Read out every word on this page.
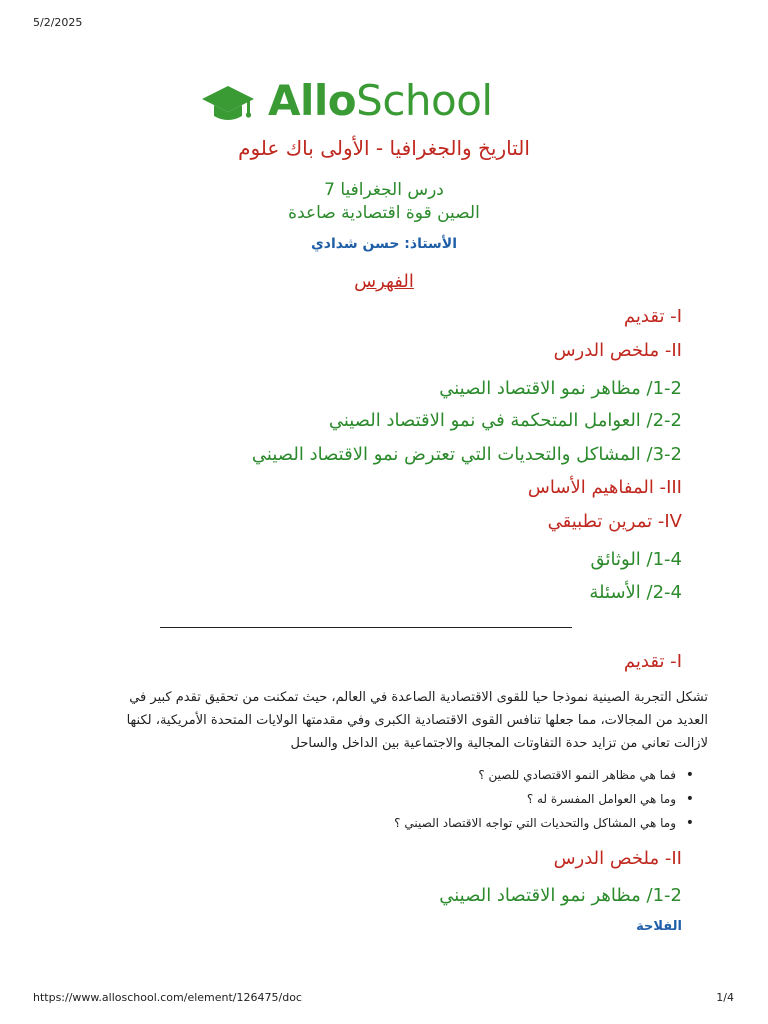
5/2/2025
AlloSchool
التاريخ والجغرافيا - الأولى باك علوم
درس الجغرافيا 7
الصين قوة اقتصادية صاعدة
الأستاذ: حسن شدادي
الفهرس
I- تقديم
II- ملخص الدرس
1-2/ مظاهر نمو الاقتصاد الصيني
2-2/ العوامل المتحكمة في نمو الاقتصاد الصيني
3-2/ المشاكل والتحديات التي تعترض نمو الاقتصاد الصيني
III- المفاهيم الأساس
IV- تمرين تطبيقي
1-4/ الوثائق
2-4/ الأسئلة
I- تقديم
تشكل التجربة الصينية نموذجا حيا للقوى الاقتصادية الصاعدة في العالم، حيث تمكنت من تحقيق تقدم كبير في
العديد من المجالات، مما جعلها تنافس القوى الاقتصادية الكبرى وفي مقدمتها الولايات المتحدة الأمريكية، لكنها
لازالت تعاني من تزايد حدة التفاوتات المجالية والاجتماعية بين الداخل والساحل
• فما هي مظاهر النمو الاقتصادي للصين ؟
• وما هي العوامل المفسرة له ؟
• وما هي المشاكل والتحديات التي تواجه الاقتصاد الصيني ؟
II- ملخص الدرس
1-2/ مظاهر نمو الاقتصاد الصيني
الفلاحة
https://www.alloschool.com/element/126475/doc	1/4
